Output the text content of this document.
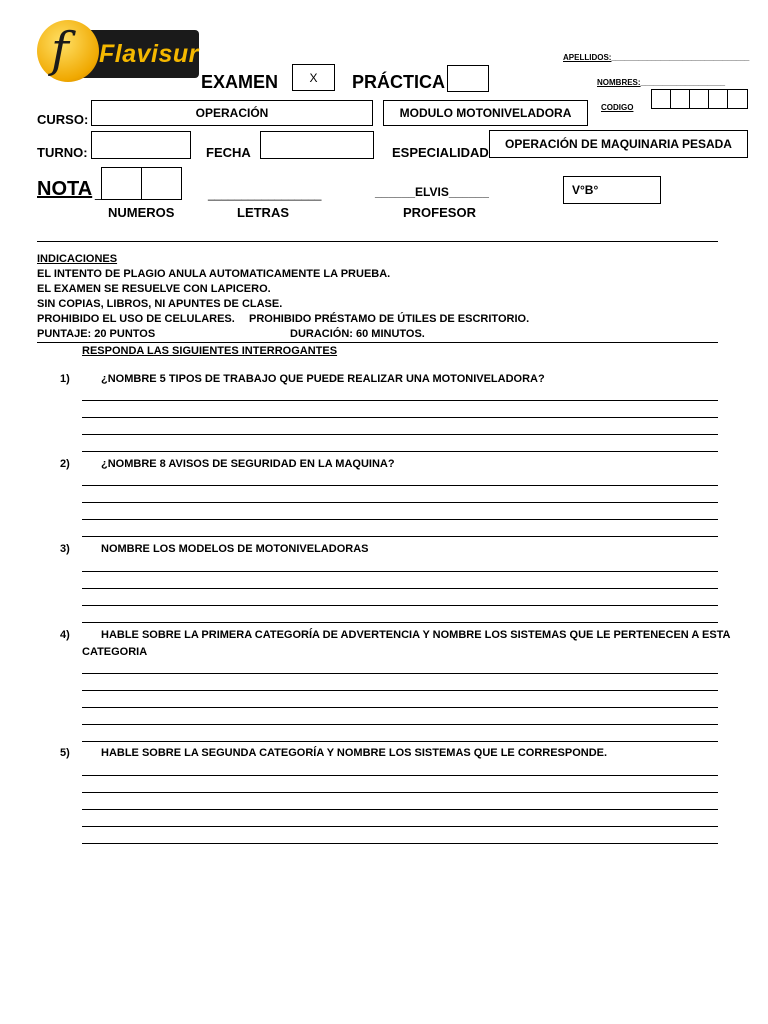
f Flavisur	APELLIDOS:_______________________________
NOMBRES:___________________
CODIGO
EXAMEN	X PRÁCTICA
CURSO:	OPERACIÓN	MODULO MOTONIVELADORA
TURNO:	FECHA	ESPECIALIDAD
OPERACIÓN DE MAQUINARIA PESADA
NOTA _	_________________	______ELVIS______	V°B°
NUMEROS	LETRAS	PROFESOR
INDICACIONES
EL INTENTO DE PLAGIO ANULA AUTOMATICAMENTE LA PRUEBA.
EL EXAMEN SE RESUELVE CON LAPICERO.
SIN COPIAS, LIBROS, NI APUNTES DE CLASE.
PROHIBIDO EL USO DE CELULARES. PROHIBIDO PRÉSTAMO DE ÚTILES DE ESCRITORIO.
PUNTAJE: 20 PUNTOS	DURACIÓN: 60 MINUTOS.
RESPONDA LAS SIGUIENTES INTERROGANTES
1)	¿NOMBRE 5 TIPOS DE TRABAJO QUE PUEDE REALIZAR UNA MOTONIVELADORA?
2)	¿NOMBRE 8 AVISOS DE SEGURIDAD EN LA MAQUINA?
3)	NOMBRE LOS MODELOS DE MOTONIVELADORAS
4)	HABLE SOBRE LA PRIMERA CATEGORÍA DE ADVERTENCIA Y NOMBRE LOS SISTEMAS QUE LE PERTENECEN A ESTA
CATEGORIA
5)	HABLE SOBRE LA SEGUNDA CATEGORÍA Y NOMBRE LOS SISTEMAS QUE LE CORRESPONDE.
